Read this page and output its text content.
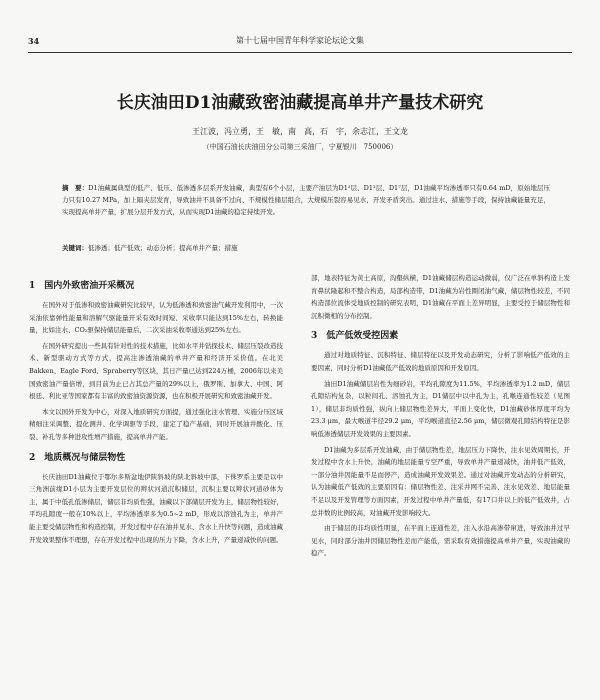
34	第十七届中国青年科学家论坛论文集
长庆油田D1油藏致密油藏提高单井产量技术研究
王江波，冯立勇，王　敏，南　高，石　宇，余志江，王文龙
（中国石油长庆油田分公司第三采油厂，宁夏银川　750006）
摘　要：D1油藏属典型的低产、低压、低渗透多层系开发油藏，典型有6个小层，主要产油层为D1²层、D1³层、D1⁷层，D1油藏平均渗透率只有0.64 mD，原始地层压力只有10.27 MPa，加上隔夹层发育，导致油井不具备不过向、不规模性储层组合，大规模压裂容易见水，开发矛盾突出。通过注水、措施等手段，保持油藏能量充足，实现提高单井产量，扩展分层开发方式，从而实现D1油藏的稳定持续开发。
关键词：低渗透；低产低效；动态分析；提高单井产量；措施
1　国内外致密油开采概况

在国外对于低渗和致密油藏研究比较早，认为低渗透和致密油气藏开发利用中，一次采油依靠弹性能量和溶解气驱能量开采有效时间短、采收率只能达到15%左右，转换能量，比如注水、CO₂驱保持储层能量后，二次采油采收率通达到25%左右。

在国外研究提出一些具有针对性的技术措施，比如水平井钻探技术、储层压裂改造技术、新型驱动方式等方式，提高注渗透油藏的单井产量和经济开采价值。在北美Bakken、Eagle Ford、Spraberry等区块，其日产量已达到224万桶，2006年以来美国致密油产量倍增，到目前为止已占其总产量的29%以上，俄罗斯、加拿大、中国、阿根廷、利比亚等国家都有丰富的致密油资源资源，也在积极开展研究和致密油藏开发。

本文以国外开发为中心，对深入地质研究方面提，通过强化注水管理、实施分压区域精细注采调整、提化测井、化学调驱等手段，建定了稳产基础，同时开展油井酸化、压裂、补孔等多种进攻性增产措施，提高单井产能。

2　地质概况与储层物性

长庆油田D1油藏位于鄂尔多斯盆地伊陕斜坡的陕北斜坡中部，下侏罗系主要是以中三角洲前缘D1小层为主要开发层位的辫状河道沉积储层，沉积主要以辫状河道砂体为主，属于中低孔低渗储层，储层非均质性强，油藏以下部储层开发为主，储层物性较好，平均孔隙度一般在10%以上，平均渗透率多为0.5~2 mD，形成以溶蚀孔为主，单井产能主要受储层物性和构造控制，开发过程中存在油井见水、含水上升快等问题，造成油藏开发效果整体不理想，存在开发过程中出现的压力下降，含水上升，产量递减快的问题。

部，地表特征为黄土高原，沟壑纵横，D1油藏储层构造运动微弱，仅广泛在单斜构造上发育鼻状隆起和不整合构造，局部构造带，D1油藏为岩性圈闭油气藏，储层物性较差，不同构造部位流体受地质控制的研究表明，D1油藏在平面上差异明显，主要受控于储层物性和沉积微相的分布控制。

3　低产低效受控因素

通过对地质特征、沉积特征、储层特征以及开发动态研究，分析了影响低产低效的主要因素，同时分析D1油藏低产低效的地质原因和开发原因。

油田D1油藏储层岩性为细砂岩，平均孔隙度为11.5%，平均渗透率为1.2 mD，储层孔隙结构复杂，以粒间孔、溶蚀孔为主，D1储层中以中孔为主，孔喉连通性较差（见图1），储层非均质性强，纵向上储层物性差异大，平面上变化快，D1油藏砂体厚度平均为23.3 μm，最大喉道半径29.2 μm，平均喉道直径2.56 μm，储层微观孔隙结构特征是影响低渗透储层开发效果的主要因素。

D1油藏为多层系开发油藏，由于储层物性差，地层压力下降快，注水见效周期长，开发过程中含水上升快，油藏的地层能量亏空严重，导致单井产量递减快，油井低产低效，一部分油井因能量不足而停产，造成油藏开发效果差。通过对油藏开发动态的分析研究，认为油藏低产低效的主要原因有：储层物性差、注采井网不完善、注水见效差、地层能量不足以及开发管理等方面因素，开发过程中单井产量低，有17口井以上的低产低效井，占总井数的比例较高，对油藏开发影响较大。

由于储层的非均质性明显，在平面上连通性差，注入水沿高渗带窜进，导致油井过早见水，同时部分油井因储层物性差而产能低，需采取有效措施提高单井产量，实现油藏的稳产。
